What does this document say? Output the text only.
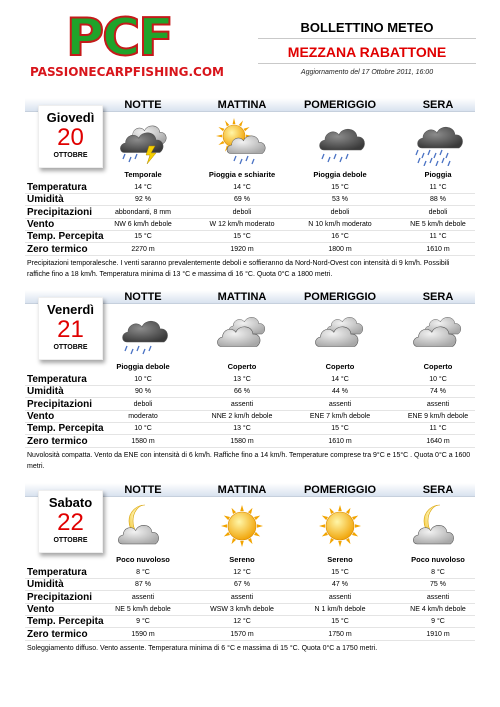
PCF
PASSIONECARPFISHING.COM
BOLLETTINO METEO
MEZZANA RABATTONE
Aggiornamento del 17 Ottobre 2011, 16:00
NOTTE	MATTINA	POMERIGGIO	SERA
Giovedì
20
OTTOBRE
Temporale	Pioggia e schiarite	Pioggia debole	Pioggia
Temperatura	14 °C	14 °C	15 °C	11 °C
Umidità	92 %	69 %	53 %	88 %
Precipitazioni	abbondanti, 8 mm	deboli	deboli	deboli
Vento	NW 6 km/h debole	W 12 km/h moderato	N 10 km/h moderato	NE 5 km/h debole
Temp. Percepita	15 °C	15 °C	16 °C	11 °C
Zero termico	2270 m	1920 m	1800 m	1610 m
Precipitazioni temporalesche. I venti saranno prevalentemente deboli e soffieranno da Nord-Nord-Ovest con intensità di 9 km/h. Possibili raffiche fino a 18 km/h. Temperatura minima di 13 °C e massima di 16 °C. Quota 0°C a 1800 metri.
NOTTE	MATTINA	POMERIGGIO	SERA
Venerdì
21
OTTOBRE
Pioggia debole	Coperto	Coperto	Coperto
Temperatura	10 °C	13 °C	14 °C	10 °C
Umidità	90 %	66 %	44 %	74 %
Precipitazioni	deboli	assenti	assenti	assenti
Vento	moderato	NNE 2 km/h debole	ENE 7 km/h debole	ENE 9 km/h debole
Temp. Percepita	10 °C	13 °C	15 °C	11 °C
Zero termico	1580 m	1580 m	1610 m	1640 m
Nuvolosità compatta. Vento da ENE con intensità di 6 km/h. Raffiche fino a 14 km/h. Temperature comprese tra 9°C e 15°C . Quota 0°C a 1600 metri.
NOTTE	MATTINA	POMERIGGIO	SERA
Sabato
22
OTTOBRE
Poco nuvoloso	Sereno	Sereno	Poco nuvoloso
Temperatura	8 °C	12 °C	15 °C	8 °C
Umidità	87 %	67 %	47 %	75 %
Precipitazioni	assenti	assenti	assenti	assenti
Vento	NE 5 km/h debole	WSW 3 km/h debole	N 1 km/h debole	NE 4 km/h debole
Temp. Percepita	9 °C	12 °C	15 °C	9 °C
Zero termico	1590 m	1570 m	1750 m	1910 m
Soleggiamento diffuso. Vento assente. Temperatura minima di 6 °C e massima di 15 °C. Quota 0°C a 1750 metri.
